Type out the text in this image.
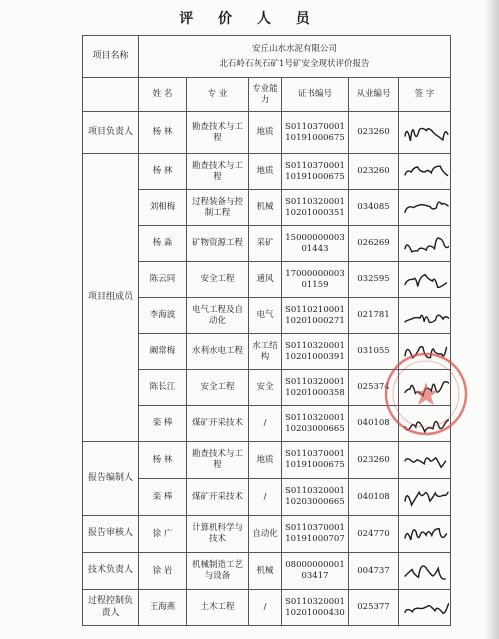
评 价 人 员
项目名称	安丘山水水泥有限公司
北石岭石灰石矿1号矿安全现状评价报告					

	姓 名	专 业	专业能力	证书编号	从业编号	签 字
项目负责人	杨 林	勘查技术与工程	地质	S011037000110191000675	023260	

项目组成员	杨 林	勘查技术与工程	地质	S011037000110191000675	023260	

	刘相梅	过程装备与控制工程	机械	S011032000110201000351	034085	

	杨 淼	矿物资源工程	采矿	1500000000301443	026269	

	陈云同	安全工程	通风	1700000000301159	032595	

	李海波	电气工程及自动化	电气	S011021000110201000271	021781	

	阚常梅	水利水电工程	水工结构	S011032000110201000391	031055	

	陈长江	安全工程	安全	S011032000110201000358	025374	

	栾 棒	煤矿开采技术	/	S011032000110203000665	040108	

报告编制人	杨 林	勘查技术与工程	地质	S011037000110191000675	023260	

	栾 棒	煤矿开采技术	/	S011032000110203000665	040108	

报告审核人	徐 广	计算机科学与技术	自动化	S011037000110191000707	024770	

技术负责人	徐 岩	机械制造工艺与设备	机械	0800000000103417	004737	

过程控制负责人	王海燕	土木工程	/	S011032000110201000430	025377	
